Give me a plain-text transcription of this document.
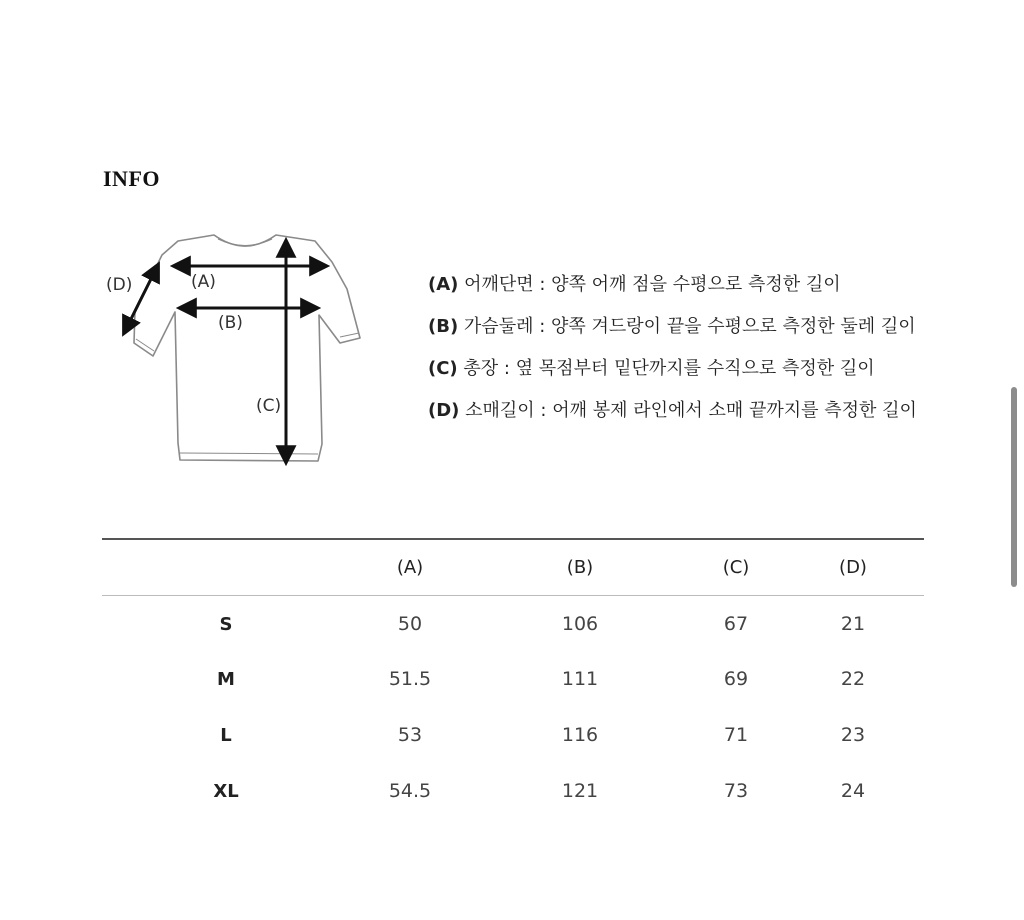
INFO
(A)
(B)
(C)
(D)	(A) 어깨단면 : 양쪽 어깨 점을 수평으로 측정한 길이
(B) 가슴둘레 : 양쪽 겨드랑이 끝을 수평으로 측정한 둘레 길이
(C) 총장 : 옆 목점부터 밑단까지를 수직으로 측정한 길이
(D) 소매길이 : 어깨 봉제 라인에서 소매 끝까지를 측정한 길이
	(A)	(B)	(C)	(D)
S	50	106	67	21
M	51.5	111	69	22
L	53	116	71	23
XL	54.5	121	73	24
